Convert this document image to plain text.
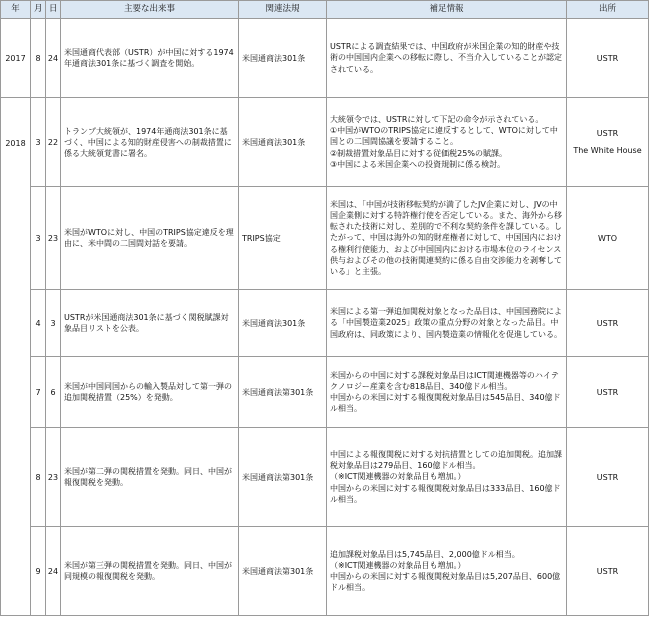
年	月	日	主要な出来事	関連法規	補足情報	出所
2017	8	24	米国通商代表部（USTR）が中国に対する1974年通商法301条に基づく調査を開始。	米国通商法301条	USTRによる調査結果では、中国政府が米国企業の知的財産や技術の中国国内企業への移転に際し、不当介入していることが認定されている。	USTR

2018	3	22	トランプ大統領が、1974年通商法301条に基づく、中国による知的財産侵害への制裁措置に係る大統領覚書に署名。	米国通商法301条	大統領令では、USTRに対して下記の命令が示されている。
①中国がWTOのTRIPS協定に違反するとして、WTOに対して中国との二国間協議を要請すること。
②制裁措置対象品目に対する従価税25%の賦課。
③中国による米国企業への投資規制に係る検討。	USTR
The White House

	3	23	米国がWTOに対し、中国のTRIPS協定違反を理由に、米中間の二国間対話を要請。	TRIPS協定	米国は、「中国が技術移転契約が満了したJV企業に対し、JVの中国企業側に対する特許権行使を否定している。また、海外から移転された技術に対し、差別的で不利な契約条件を課している。したがって、中国は海外の知的財産権者に対して、中国国内における権利行使能力、および中国国内における市場本位のライセンス供与およびその他の技術関連契約に係る自由交渉能力を剥奪している」と主張。	WTO

	4	3	USTRが米国通商法301条に基づく関税賦課対象品目リストを公表。	米国通商法301条	米国による第一弾追加関税対象となった品目は、中国国務院による「中国製造業2025」政策の重点分野の対象となった品目。中国政府は、同政策により、国内製造業の情報化を促進している。	USTR

	7	6	米国が中国同国からの輸入製品対して第一弾の追加関税措置（25%）を発動。	米国通商法第301条	米国からの中国に対する課税対象品目はICT関連機器等のハイテクノロジー産業を含む818品目、340億ドル相当。
中国からの米国に対する報復関税対象品目は545品目、340億ドル相当。	USTR

	8	23	米国が第二弾の関税措置を発動。同日、中国が報復関税を発動。	米国通商法第301条	中国による報復関税に対する対抗措置としての追加関税。追加課税対象品目は279品目、160億ドル相当。
（※ICT関連機器の対象品目も増加。）
中国からの米国に対する報復関税対象品目は333品目、160億ドル相当。	USTR

	9	24	米国が第三弾の関税措置を発動。同日、中国が同規模の報復関税を発動。	米国通商法第301条	追加課税対象品目は5,745品目、2,000億ドル相当。
（※ICT関連機器の対象品目も増加。）
中国からの米国に対する報復関税対象品目は5,207品目、600億ドル相当。	USTR
